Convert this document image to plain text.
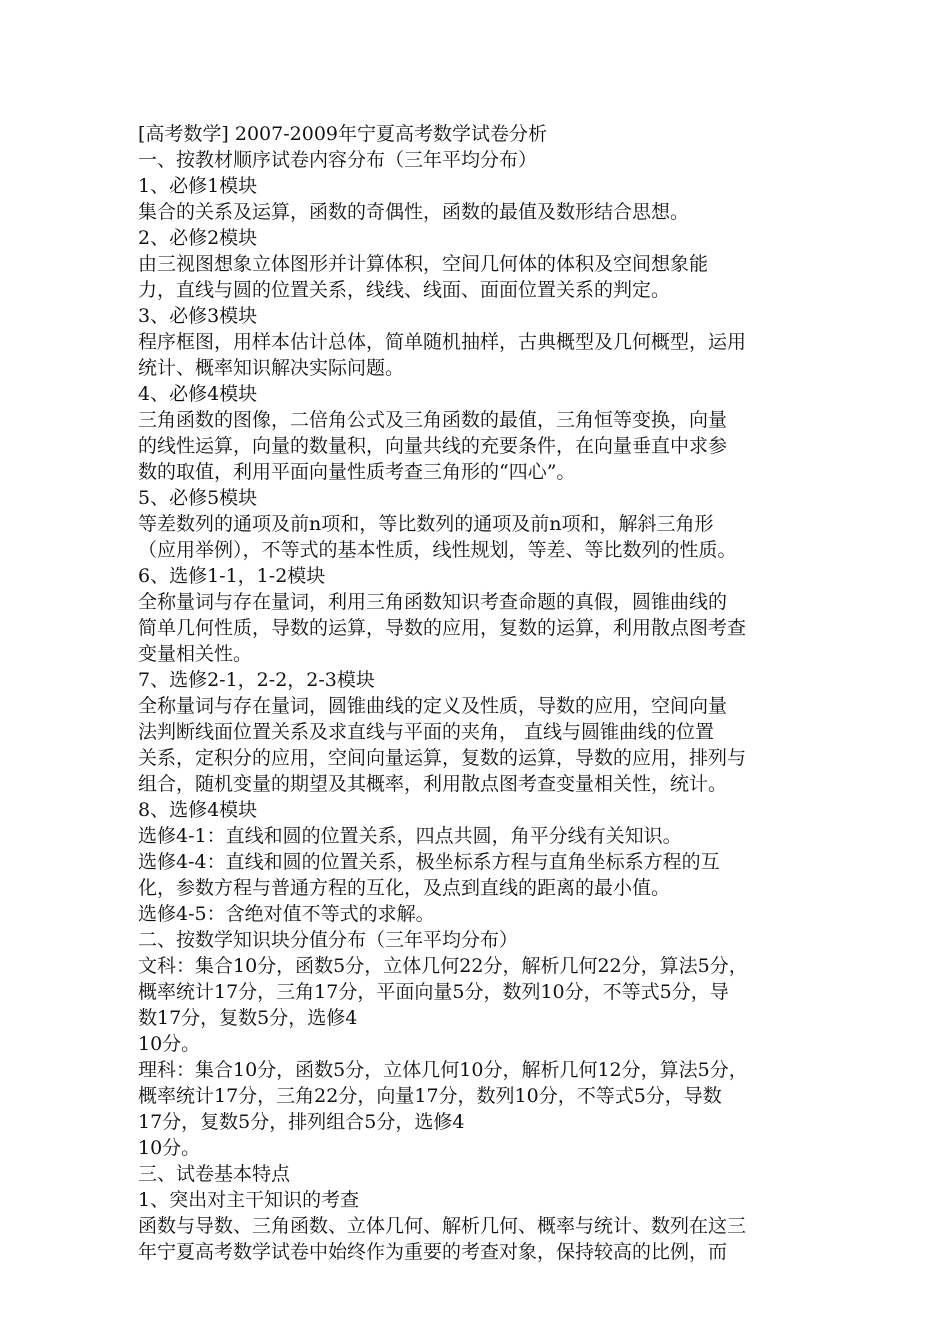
[高考数学] 2007-2009年宁夏高考数学试卷分析
一、按教材顺序试卷内容分布（三年平均分布）
1、必修1模块
集合的关系及运算，函数的奇偶性，函数的最值及数形结合思想。
2、必修2模块
由三视图想象立体图形并计算体积，空间几何体的体积及空间想象能
力，直线与圆的位置关系，线线、线面、面面位置关系的判定。
3、必修3模块
程序框图，用样本估计总体，简单随机抽样，古典概型及几何概型，运用
统计、概率知识解决实际问题。
4、必修4模块
三角函数的图像，二倍角公式及三角函数的最值，三角恒等变换，向量
的线性运算，向量的数量积，向量共线的充要条件，在向量垂直中求参
数的取值，利用平面向量性质考查三角形的“四心”。
5、必修5模块
等差数列的通项及前n项和，等比数列的通项及前n项和，解斜三角形
（应用举例），不等式的基本性质，线性规划，等差、等比数列的性质。
6、选修1-1，1-2模块
全称量词与存在量词，利用三角函数知识考查命题的真假，圆锥曲线的
简单几何性质，导数的运算，导数的应用，复数的运算，利用散点图考查
变量相关性。
7、选修2-1，2-2，2-3模块
全称量词与存在量词，圆锥曲线的定义及性质，导数的应用，空间向量
法判断线面位置关系及求直线与平面的夹角， 直线与圆锥曲线的位置
关系，定积分的应用，空间向量运算，复数的运算，导数的应用，排列与
组合，随机变量的期望及其概率，利用散点图考查变量相关性，统计。
8、选修4模块
选修4-1：直线和圆的位置关系，四点共圆，角平分线有关知识。
选修4-4：直线和圆的位置关系，极坐标系方程与直角坐标系方程的互
化，参数方程与普通方程的互化，及点到直线的距离的最小值。
选修4-5：含绝对值不等式的求解。
二、按数学知识块分值分布（三年平均分布）
文科：集合10分，函数5分，立体几何22分，解析几何22分，算法5分，
概率统计17分，三角17分，平面向量5分，数列10分，不等式5分，导
数17分，复数5分，选修4
10分。
理科：集合10分，函数5分，立体几何10分，解析几何12分，算法5分，
概率统计17分，三角22分，向量17分，数列10分，不等式5分，导数
17分，复数5分，排列组合5分，选修4
10分。
三、试卷基本特点
1、突出对主干知识的考查
函数与导数、三角函数、立体几何、解析几何、概率与统计、数列在这三
年宁夏高考数学试卷中始终作为重要的考查对象，保持较高的比例，而
